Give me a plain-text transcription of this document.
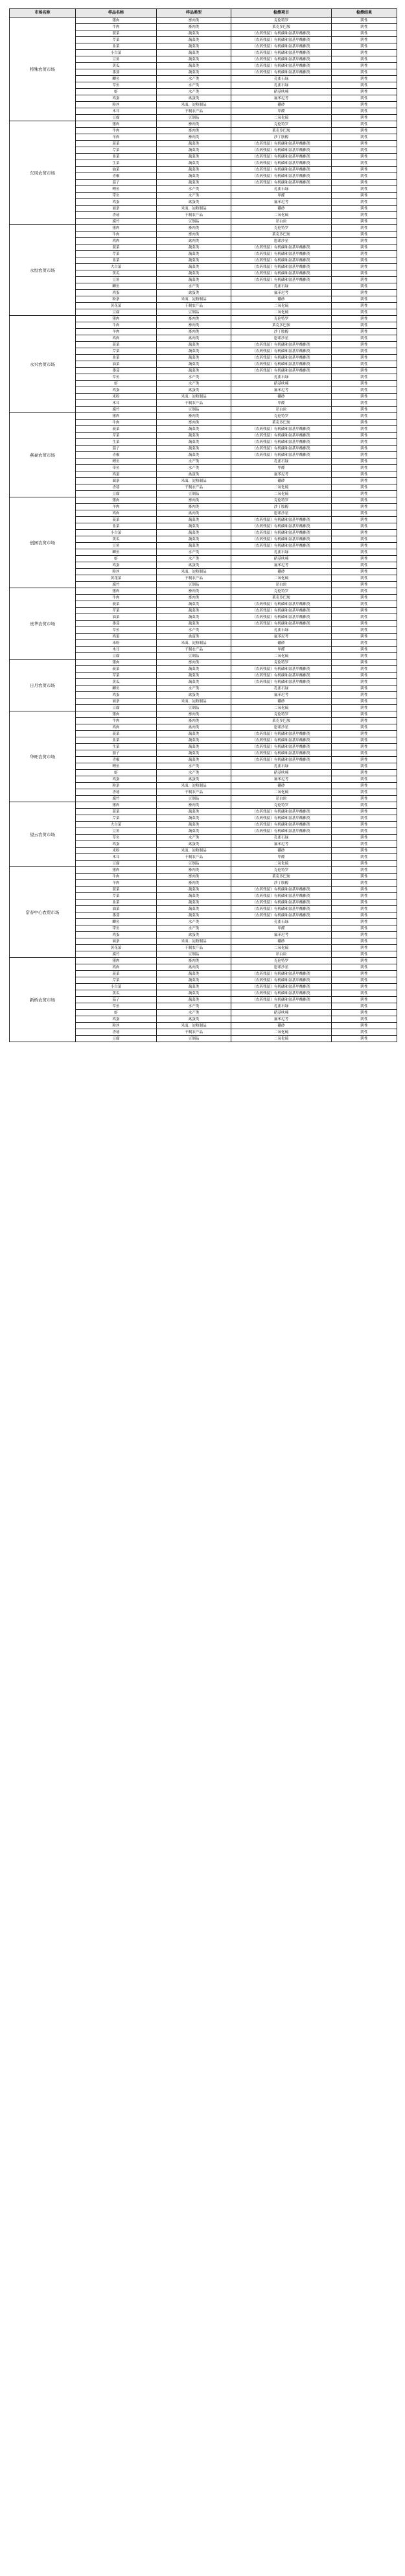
市场名称	样品名称	样品类型	检测项目	检测结果
特殊农贸市场	猪肉	畜肉类	克伦特罗	阴性
	牛肉	畜肉类	莱克多巴胺	阴性
	菠菜	蔬菜类	（农药残留）有机磷和氨基甲酸酯类	阴性
	芹菜	蔬菜类	（农药残留）有机磷和氨基甲酸酯类	阴性
	韭菜	蔬菜类	（农药残留）有机磷和氨基甲酸酯类	阴性
	小白菜	蔬菜类	（农药残留）有机磷和氨基甲酸酯类	阴性
	豆角	蔬菜类	（农药残留）有机磷和氨基甲酸酯类	阴性
	黄瓜	蔬菜类	（农药残留）有机磷和氨基甲酸酯类	阴性
	番茄	蔬菜类	（农药残留）有机磷和氨基甲酸酯类	阴性
	鲫鱼	水产类	孔雀石绿	阴性
	草鱼	水产类	孔雀石绿	阴性
	虾	水产类	硝基呋喃	阴性
	鸡蛋	禽蛋类	氟苯尼考	阴性
	粉丝	米面、淀粉制品	硼砂	阴性
	木耳	干制农产品	甲醛	阴性
	豆腐	豆制品	二氧化硫	阴性
东风农贸市场	猪肉	畜肉类	克伦特罗	阴性
	牛肉	畜肉类	莱克多巴胺	阴性
	羊肉	畜肉类	沙丁胺醇	阴性
	菠菜	蔬菜类	（农药残留）有机磷和氨基甲酸酯类	阴性
	芹菜	蔬菜类	（农药残留）有机磷和氨基甲酸酯类	阴性
	韭菜	蔬菜类	（农药残留）有机磷和氨基甲酸酯类	阴性
	生菜	蔬菜类	（农药残留）有机磷和氨基甲酸酯类	阴性
	油菜	蔬菜类	（农药残留）有机磷和氨基甲酸酯类	阴性
	青椒	蔬菜类	（农药残留）有机磷和氨基甲酸酯类	阴性
	茄子	蔬菜类	（农药残留）有机磷和氨基甲酸酯类	阴性
	鲤鱼	水产类	孔雀石绿	阴性
	带鱼	水产类	甲醛	阴性
	鸡蛋	禽蛋类	氟苯尼考	阴性
	面条	米面、淀粉制品	硼砂	阴性
	香菇	干制农产品	二氧化硫	阴性
	腐竹	豆制品	吊白块	阴性
永恒农贸市场	猪肉	畜肉类	克伦特罗	阴性
	牛肉	畜肉类	莱克多巴胺	阴性
	鸡肉	禽肉类	恩诺沙星	阴性
	菠菜	蔬菜类	（农药残留）有机磷和氨基甲酸酯类	阴性
	芹菜	蔬菜类	（农药残留）有机磷和氨基甲酸酯类	阴性
	韭菜	蔬菜类	（农药残留）有机磷和氨基甲酸酯类	阴性
	大白菜	蔬菜类	（农药残留）有机磷和氨基甲酸酯类	阴性
	黄瓜	蔬菜类	（农药残留）有机磷和氨基甲酸酯类	阴性
	豆角	蔬菜类	（农药残留）有机磷和氨基甲酸酯类	阴性
	鲫鱼	水产类	孔雀石绿	阴性
	鸡蛋	禽蛋类	氟苯尼考	阴性
	粉条	米面、淀粉制品	硼砂	阴性
	黄花菜	干制农产品	二氧化硫	阴性
	豆腐	豆制品	二氧化硫	阴性
永兴农贸市场	猪肉	畜肉类	克伦特罗	阴性
	牛肉	畜肉类	莱克多巴胺	阴性
	羊肉	畜肉类	沙丁胺醇	阴性
	鸡肉	禽肉类	恩诺沙星	阴性
	菠菜	蔬菜类	（农药残留）有机磷和氨基甲酸酯类	阴性
	芹菜	蔬菜类	（农药残留）有机磷和氨基甲酸酯类	阴性
	韭菜	蔬菜类	（农药残留）有机磷和氨基甲酸酯类	阴性
	油菜	蔬菜类	（农药残留）有机磷和氨基甲酸酯类	阴性
	番茄	蔬菜类	（农药残留）有机磷和氨基甲酸酯类	阴性
	草鱼	水产类	孔雀石绿	阴性
	虾	水产类	硝基呋喃	阴性
	鸡蛋	禽蛋类	氟苯尼考	阴性
	米粉	米面、淀粉制品	硼砂	阴性
	木耳	干制农产品	甲醛	阴性
	腐竹	豆制品	吊白块	阴性
燕豪农贸市场	猪肉	畜肉类	克伦特罗	阴性
	牛肉	畜肉类	莱克多巴胺	阴性
	菠菜	蔬菜类	（农药残留）有机磷和氨基甲酸酯类	阴性
	芹菜	蔬菜类	（农药残留）有机磷和氨基甲酸酯类	阴性
	生菜	蔬菜类	（农药残留）有机磷和氨基甲酸酯类	阴性
	茄子	蔬菜类	（农药残留）有机磷和氨基甲酸酯类	阴性
	青椒	蔬菜类	（农药残留）有机磷和氨基甲酸酯类	阴性
	鲤鱼	水产类	孔雀石绿	阴性
	带鱼	水产类	甲醛	阴性
	鸡蛋	禽蛋类	氟苯尼考	阴性
	面条	米面、淀粉制品	硼砂	阴性
	香菇	干制农产品	二氧化硫	阴性
	豆腐	豆制品	二氧化硫	阴性
创园农贸市场	猪肉	畜肉类	克伦特罗	阴性
	羊肉	畜肉类	沙丁胺醇	阴性
	鸡肉	禽肉类	恩诺沙星	阴性
	菠菜	蔬菜类	（农药残留）有机磷和氨基甲酸酯类	阴性
	韭菜	蔬菜类	（农药残留）有机磷和氨基甲酸酯类	阴性
	小白菜	蔬菜类	（农药残留）有机磷和氨基甲酸酯类	阴性
	黄瓜	蔬菜类	（农药残留）有机磷和氨基甲酸酯类	阴性
	豆角	蔬菜类	（农药残留）有机磷和氨基甲酸酯类	阴性
	鲫鱼	水产类	孔雀石绿	阴性
	虾	水产类	硝基呋喃	阴性
	鸡蛋	禽蛋类	氟苯尼考	阴性
	粉丝	米面、淀粉制品	硼砂	阴性
	黄花菜	干制农产品	二氧化硫	阴性
	腐竹	豆制品	吊白块	阴性
贵华农贸市场	猪肉	畜肉类	克伦特罗	阴性
	牛肉	畜肉类	莱克多巴胺	阴性
	菠菜	蔬菜类	（农药残留）有机磷和氨基甲酸酯类	阴性
	芹菜	蔬菜类	（农药残留）有机磷和氨基甲酸酯类	阴性
	油菜	蔬菜类	（农药残留）有机磷和氨基甲酸酯类	阴性
	番茄	蔬菜类	（农药残留）有机磷和氨基甲酸酯类	阴性
	草鱼	水产类	孔雀石绿	阴性
	鸡蛋	禽蛋类	氟苯尼考	阴性
	米粉	米面、淀粉制品	硼砂	阴性
	木耳	干制农产品	甲醛	阴性
	豆腐	豆制品	二氧化硫	阴性
日月农贸市场	猪肉	畜肉类	克伦特罗	阴性
	菠菜	蔬菜类	（农药残留）有机磷和氨基甲酸酯类	阴性
	芹菜	蔬菜类	（农药残留）有机磷和氨基甲酸酯类	阴性
	黄瓜	蔬菜类	（农药残留）有机磷和氨基甲酸酯类	阴性
	鲫鱼	水产类	孔雀石绿	阴性
	鸡蛋	禽蛋类	氟苯尼考	阴性
	面条	米面、淀粉制品	硼砂	阴性
	豆腐	豆制品	二氧化硫	阴性
华旺农贸市场	猪肉	畜肉类	克伦特罗	阴性
	牛肉	畜肉类	莱克多巴胺	阴性
	鸡肉	禽肉类	恩诺沙星	阴性
	菠菜	蔬菜类	（农药残留）有机磷和氨基甲酸酯类	阴性
	韭菜	蔬菜类	（农药残留）有机磷和氨基甲酸酯类	阴性
	生菜	蔬菜类	（农药残留）有机磷和氨基甲酸酯类	阴性
	茄子	蔬菜类	（农药残留）有机磷和氨基甲酸酯类	阴性
	青椒	蔬菜类	（农药残留）有机磷和氨基甲酸酯类	阴性
	鲤鱼	水产类	孔雀石绿	阴性
	虾	水产类	硝基呋喃	阴性
	鸡蛋	禽蛋类	氟苯尼考	阴性
	粉条	米面、淀粉制品	硼砂	阴性
	香菇	干制农产品	二氧化硫	阴性
	腐竹	豆制品	吊白块	阴性
望云农贸市场	猪肉	畜肉类	克伦特罗	阴性
	菠菜	蔬菜类	（农药残留）有机磷和氨基甲酸酯类	阴性
	芹菜	蔬菜类	（农药残留）有机磷和氨基甲酸酯类	阴性
	大白菜	蔬菜类	（农药残留）有机磷和氨基甲酸酯类	阴性
	豆角	蔬菜类	（农药残留）有机磷和氨基甲酸酯类	阴性
	草鱼	水产类	孔雀石绿	阴性
	鸡蛋	禽蛋类	氟苯尼考	阴性
	米粉	米面、淀粉制品	硼砂	阴性
	木耳	干制农产品	甲醛	阴性
	豆腐	豆制品	二氧化硫	阴性
常春中心农贸市场	猪肉	畜肉类	克伦特罗	阴性
	牛肉	畜肉类	莱克多巴胺	阴性
	羊肉	畜肉类	沙丁胺醇	阴性
	菠菜	蔬菜类	（农药残留）有机磷和氨基甲酸酯类	阴性
	芹菜	蔬菜类	（农药残留）有机磷和氨基甲酸酯类	阴性
	韭菜	蔬菜类	（农药残留）有机磷和氨基甲酸酯类	阴性
	油菜	蔬菜类	（农药残留）有机磷和氨基甲酸酯类	阴性
	番茄	蔬菜类	（农药残留）有机磷和氨基甲酸酯类	阴性
	鲫鱼	水产类	孔雀石绿	阴性
	带鱼	水产类	甲醛	阴性
	鸡蛋	禽蛋类	氟苯尼考	阴性
	面条	米面、淀粉制品	硼砂	阴性
	黄花菜	干制农产品	二氧化硫	阴性
	腐竹	豆制品	吊白块	阴性
新桥农贸市场	猪肉	畜肉类	克伦特罗	阴性
	鸡肉	禽肉类	恩诺沙星	阴性
	菠菜	蔬菜类	（农药残留）有机磷和氨基甲酸酯类	阴性
	芹菜	蔬菜类	（农药残留）有机磷和氨基甲酸酯类	阴性
	小白菜	蔬菜类	（农药残留）有机磷和氨基甲酸酯类	阴性
	黄瓜	蔬菜类	（农药残留）有机磷和氨基甲酸酯类	阴性
	茄子	蔬菜类	（农药残留）有机磷和氨基甲酸酯类	阴性
	草鱼	水产类	孔雀石绿	阴性
	虾	水产类	硝基呋喃	阴性
	鸡蛋	禽蛋类	氟苯尼考	阴性
	粉丝	米面、淀粉制品	硼砂	阴性
	香菇	干制农产品	二氧化硫	阴性
	豆腐	豆制品	二氧化硫	阴性
